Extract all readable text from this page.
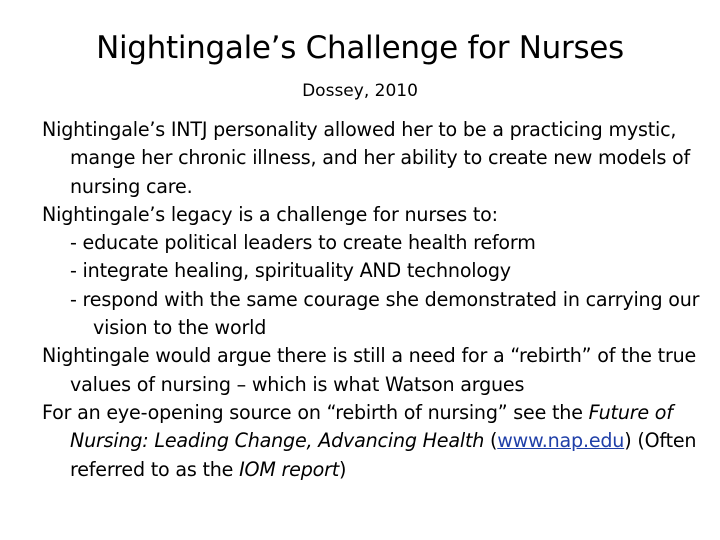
Nightingale’s Challenge for Nurses
Dossey, 2010

Nightingale’s INTJ personality allowed her to be a practicing mystic, mange her chronic illness, and her ability to create new models of nursing care.

Nightingale’s legacy is a challenge for nurses to:

- educate political leaders to create health reform

- integrate healing, spirituality AND technology

- respond with the same courage she demonstrated in carrying our vision to the world

Nightingale would argue there is still a need for a “rebirth” of the true values of nursing – which is what Watson argues

For an eye-opening source on “rebirth of nursing” see the Future of Nursing: Leading Change, Advancing Health (www.nap.edu) (Often referred to as the IOM report)
